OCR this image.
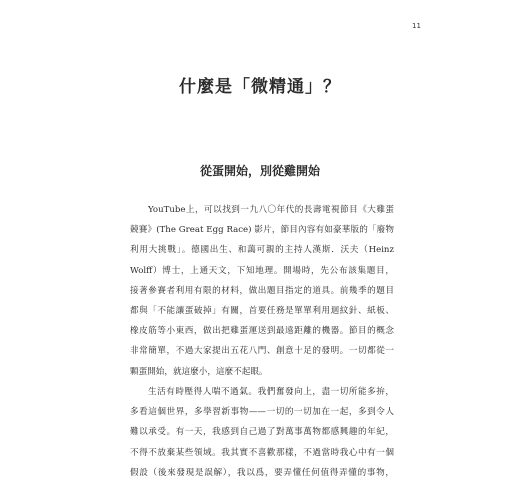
11
什麼是「微精通」？
從蛋開始，別從雞開始
YouTube上，可以找到一九八〇年代的長壽電視節目《大雞蛋
競賽》(The Great Egg Race) 影片，節目內容有如豪華版的「廢物
利用大挑戰」。德國出生、和藹可親的主持人漢斯．沃夫（Heinz
Wolff）博士，上通天文，下知地理。開場時，先公布該集題目，
接著參賽者利用有限的材料，做出題目指定的道具。前幾季的題目
都與「不能讓蛋破掉」有關，首要任務是單單利用迴紋針、紙板、
橡皮筋等小東西，做出把雞蛋運送到最遠距離的機器。節目的概念
非常簡單，不過大家提出五花八門、創意十足的發明。一切都從一
顆蛋開始，就這麼小，這麼不起眼。
生活有時壓得人喘不過氣。我們奮發向上，盡一切所能多拚，
多看這個世界，多學習新事物——一切的一切加在一起，多到令人
難以承受。有一天，我感到自己過了對萬事萬物都感興趣的年紀，
不得不放棄某些領域。我其實不喜歡那樣，不過當時我心中有一個
假設（後來發現是誤解），我以爲，要弄懂任何值得弄懂的事物，
